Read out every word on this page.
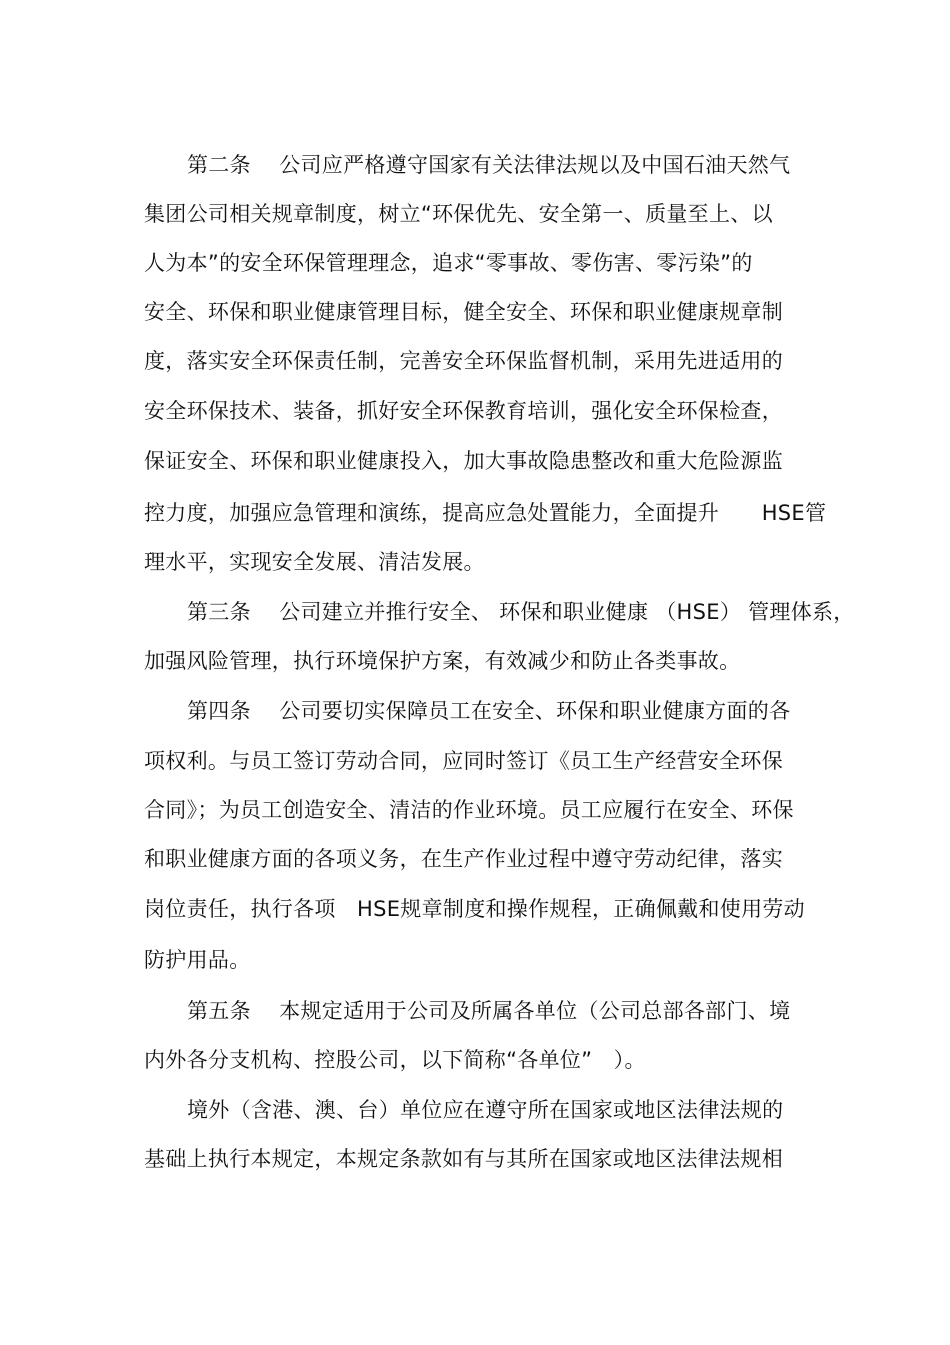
第二条　 公司应严格遵守国家有关法律法规以及中国石油天然气
集团公司相关规章制度，树立“环保优先、安全第一、质量至上、以
人为本”的安全环保管理理念，追求“零事故、零伤害、零污染”的
安全、环保和职业健康管理目标，健全安全、环保和职业健康规章制
度，落实安全环保责任制，完善安全环保监督机制，采用先进适用的
安全环保技术、装备，抓好安全环保教育培训，强化安全环保检查，
保证安全、环保和职业健康投入，加大事故隐患整改和重大危险源监
控力度，加强应急管理和演练，提高应急处置能力，全面提升　　HSE管
理水平，实现安全发展、清洁发展。
第三条　 公司建立并推行安全、 环保和职业健康 （HSE） 管理体系，
加强风险管理，执行环境保护方案，有效减少和防止各类事故。
第四条　 公司要切实保障员工在安全、环保和职业健康方面的各
项权利。与员工签订劳动合同，应同时签订《员工生产经营安全环保
合同》；为员工创造安全、清洁的作业环境。员工应履行在安全、环保
和职业健康方面的各项义务，在生产作业过程中遵守劳动纪律，落实
岗位责任，执行各项　HSE规章制度和操作规程，正确佩戴和使用劳动
防护用品。
第五条　 本规定适用于公司及所属各单位（公司总部各部门、境
内外各分支机构、控股公司，以下简称“各单位”　）。
境外（含港、澳、台）单位应在遵守所在国家或地区法律法规的
基础上执行本规定，本规定条款如有与其所在国家或地区法律法规相
